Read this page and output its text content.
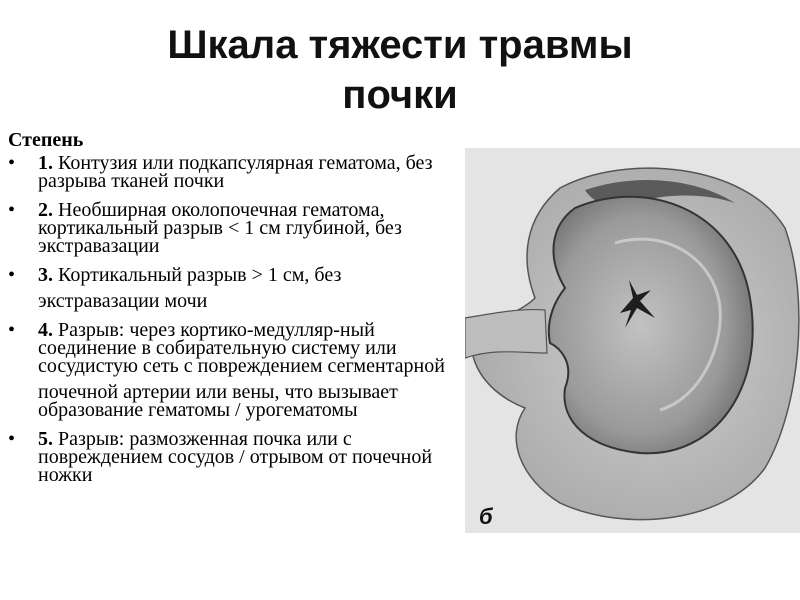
Шкала тяжести травмы
почки
Степень
• 1. Контузия или подкапсулярная гематома, без разрыва тканей почки
• 2. Необширная околопочечная гематома, кортикальный разрыв < 1 см глубиной, без экстравазации
• 3. Кортикальный разрыв > 1 см, без
экстравазации мочи
• 4. Разрыв: через кортико-медулляр-ный соединение в собирательную систему или сосудистую сеть с повреждением сегментарной
почечной артерии или вены, что вызывает образование гематомы / урогематомы
• 5. Разрыв: размозженная почка или с повреждением сосудов / отрывом от почечной ножки
б
